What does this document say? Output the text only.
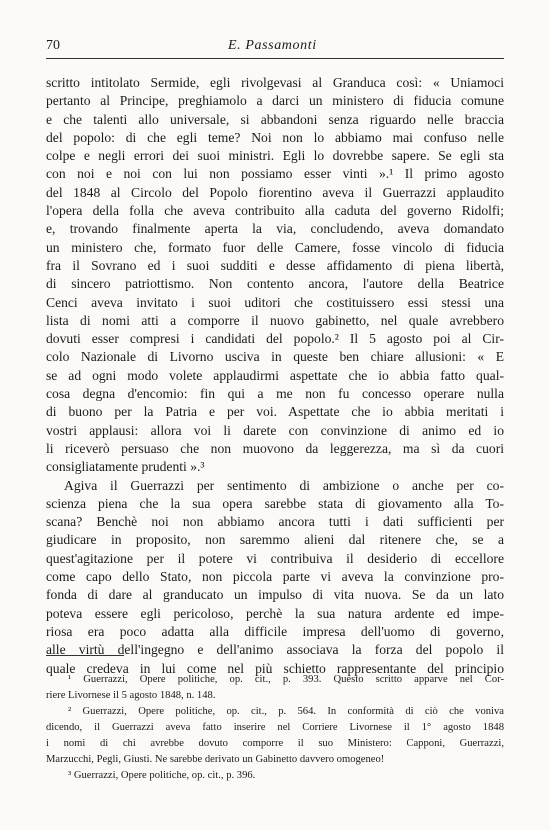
70	E. Passamonti
scritto intitolato Sermide, egli rivolgevasi al Granduca così: « Uniamoci
pertanto al Principe, preghiamolo a darci un ministero di fiducia comune
e che talenti allo universale, si abbandoni senza riguardo nelle braccia
del popolo: di che egli teme? Noi non lo abbiamo mai confuso nelle
colpe e negli errori dei suoi ministri. Egli lo dovrebbe sapere. Se egli sta
con noi e noi con lui non possiamo esser vinti ».¹ Il primo agosto
del 1848 al Circolo del Popolo fiorentino aveva il Guerrazzi applaudito
l'opera della folla che aveva contribuito alla caduta del governo Ridolfi;
e, trovando finalmente aperta la via, concludendo, aveva domandato
un ministero che, formato fuor delle Camere, fosse vincolo di fiducia
fra il Sovrano ed i suoi sudditi e desse affidamento di piena libertà,
di sincero patriottismo. Non contento ancora, l'autore della Beatrice
Cenci aveva invitato i suoi uditori che costituissero essi stessi una
lista di nomi atti a comporre il nuovo gabinetto, nel quale avrebbero
dovuti esser compresi i candidati del popolo.² Il 5 agosto poi al Cir-
colo Nazionale di Livorno usciva in queste ben chiare allusioni: « E
se ad ogni modo volete applaudirmi aspettate che io abbia fatto qual-
cosa degna d'encomio: fin qui a me non fu concesso operare nulla
di buono per la Patria e per voi. Aspettate che io abbia meritati i
vostri applausi: allora voi li darete con convinzione di animo ed io
li riceverò persuaso che non muovono da leggerezza, ma sì da cuori
consigliatamente prudenti ».³
Agiva il Guerrazzi per sentimento di ambizione o anche per co-
scienza piena che la sua opera sarebbe stata di giovamento alla To-
scana? Benchè noi non abbiamo ancora tutti i dati sufficienti per
giudicare in proposito, non saremmo alieni dal ritenere che, se a
quest'agitazione per il potere vi contribuiva il desiderio di eccellore
come capo dello Stato, non piccola parte vi aveva la convinzione pro-
fonda di dare al granducato un impulso di vita nuova. Se da un lato
poteva essere egli pericoloso, perchè la sua natura ardente ed impe-
riosa era poco adatta alla difficile impresa dell'uomo di governo,
alle virtù dell'ingegno e dell'animo associava la forza del popolo il
quale credeva in lui come nel più schietto rappresentante del principio
¹ Guerrazzi, Opere politiche, op. cit., p. 393. Questo scritto apparve nel Cor-
riere Livornese il 5 agosto 1848, n. 148.
² Guerrazzi, Opere politiche, op. cit., p. 564. In conformità di ciò che voniva
dicendo, il Guerrazzi aveva fatto inserire nel Corriere Livornese il 1° agosto 1848
i nomi di chi avrebbe dovuto comporre il suo Ministero: Capponi, Guerrazzi,
Marzucchi, Pegli, Giusti. Ne sarebbe derivato un Gabinetto davvero omogeneo!
³ Guerrazzi, Opere politiche, op. cit., p. 396.
